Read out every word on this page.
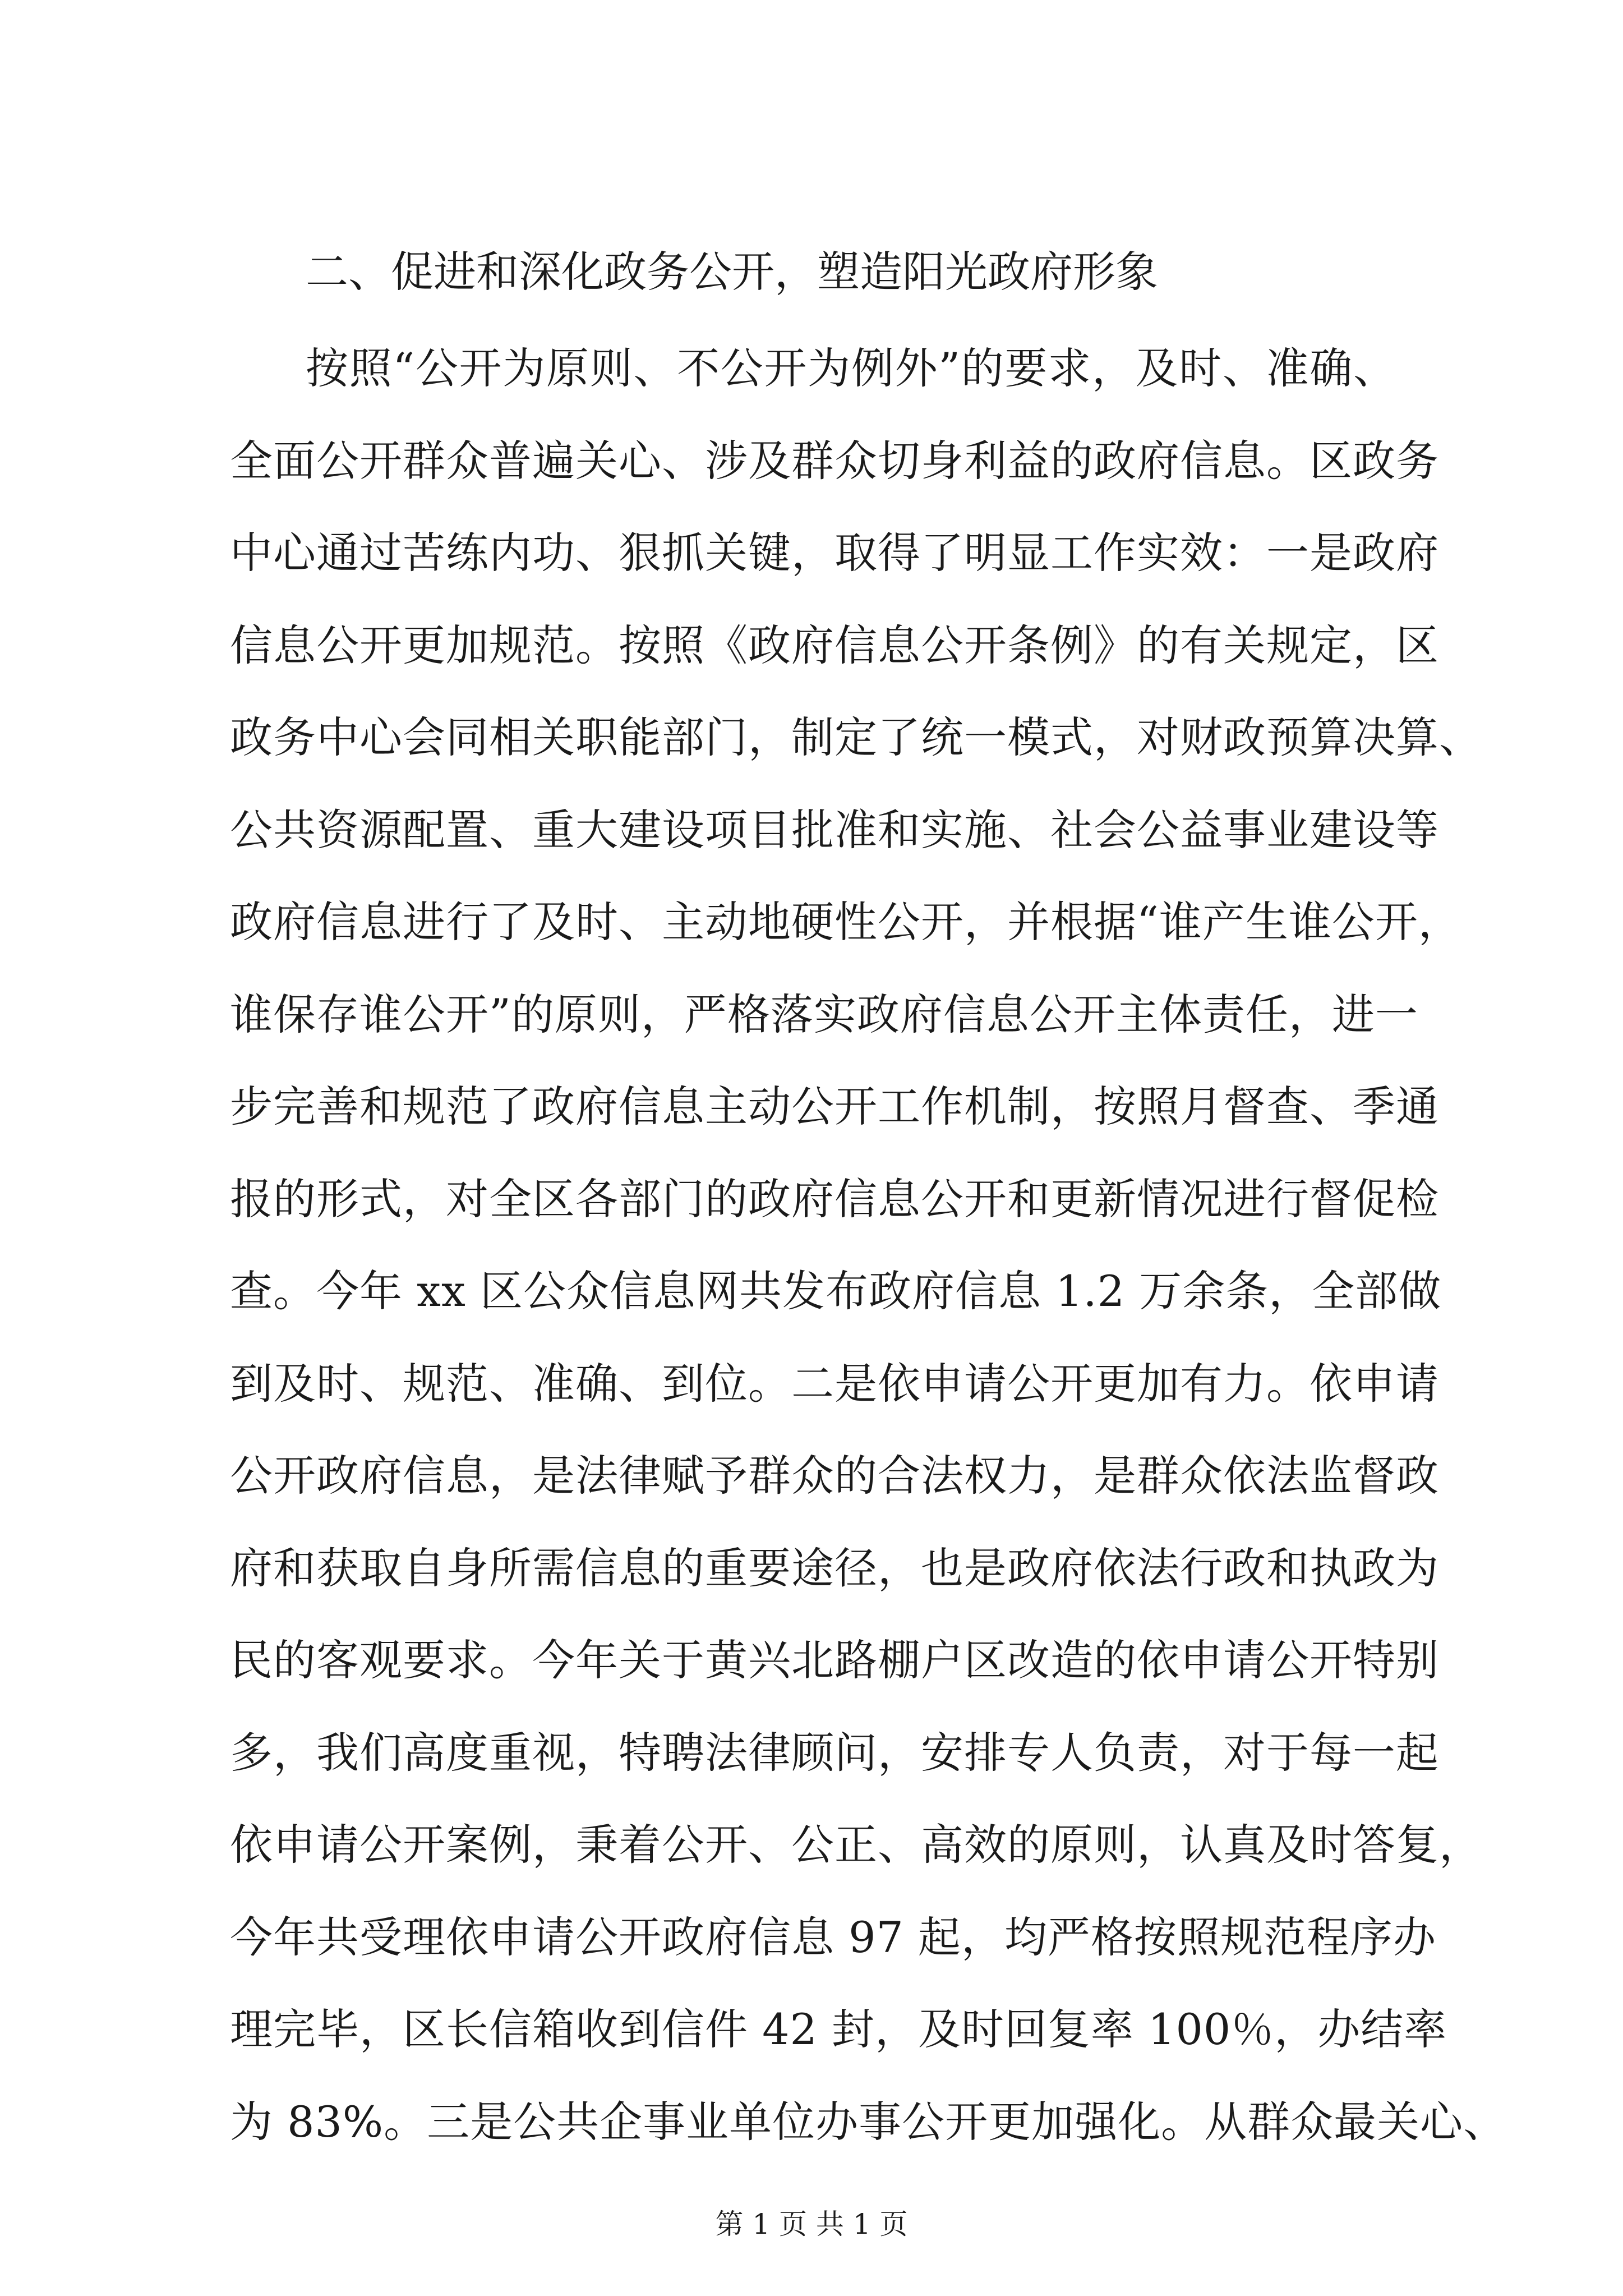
二、促进和深化政务公开，塑造阳光政府形象
按照“公开为原则、不公开为例外”的要求，及时、准确、
全面公开群众普遍关心、涉及群众切身利益的政府信息。区政务
中心通过苦练内功、狠抓关键，取得了明显工作实效：一是政府
信息公开更加规范。按照《政府信息公开条例》的有关规定，区
政务中心会同相关职能部门，制定了统一模式，对财政预算决算、
公共资源配置、重大建设项目批准和实施、社会公益事业建设等
政府信息进行了及时、主动地硬性公开，并根据“谁产生谁公开，
谁保存谁公开”的原则，严格落实政府信息公开主体责任，进一
步完善和规范了政府信息主动公开工作机制，按照月督查、季通
报的形式，对全区各部门的政府信息公开和更新情况进行督促检
查。今年 xx 区公众信息网共发布政府信息 1.2 万余条，全部做
到及时、规范、准确、到位。二是依申请公开更加有力。依申请
公开政府信息，是法律赋予群众的合法权力，是群众依法监督政
府和获取自身所需信息的重要途径，也是政府依法行政和执政为
民的客观要求。今年关于黄兴北路棚户区改造的依申请公开特别
多，我们高度重视，特聘法律顾问，安排专人负责，对于每一起
依申请公开案例，秉着公开、公正、高效的原则，认真及时答复，
今年共受理依申请公开政府信息 97 起，均严格按照规范程序办
理完毕，区长信箱收到信件 42 封，及时回复率 100％，办结率
为 83%。三是公共企事业单位办事公开更加强化。从群众最关心、
第 1 页 共 1 页
